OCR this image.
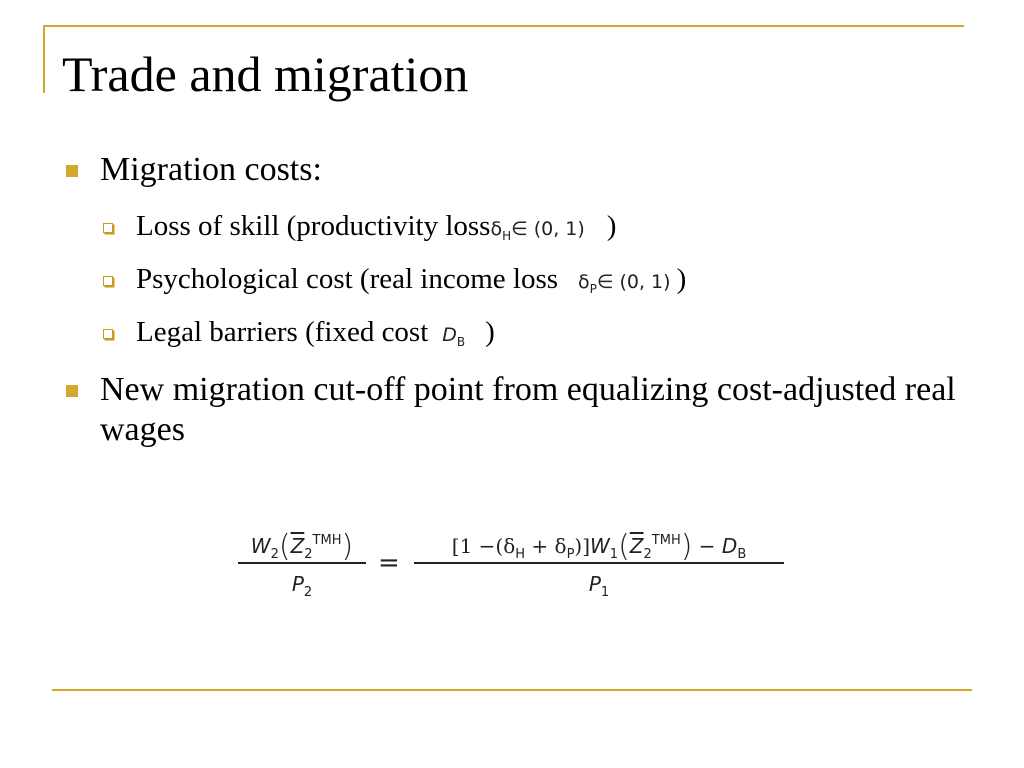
Trade and migration
Migration costs:
Loss of skill (productivity lossδ$_H$∈ (0, 1) )
Psychological cost (real income loss $\delta_P\in$ (0, 1) )
Legal barriers (fixed cost $D_B$ )
New migration cut-off point from equalizing cost-adjusted real wages
$W_2(\overline{Z}_2^{TMH})$
$P_2$
=
$[1 -(\delta_H + \delta_P)]W_1(\overline{Z}_2^{TMH}) - D_B$
$P_1$
